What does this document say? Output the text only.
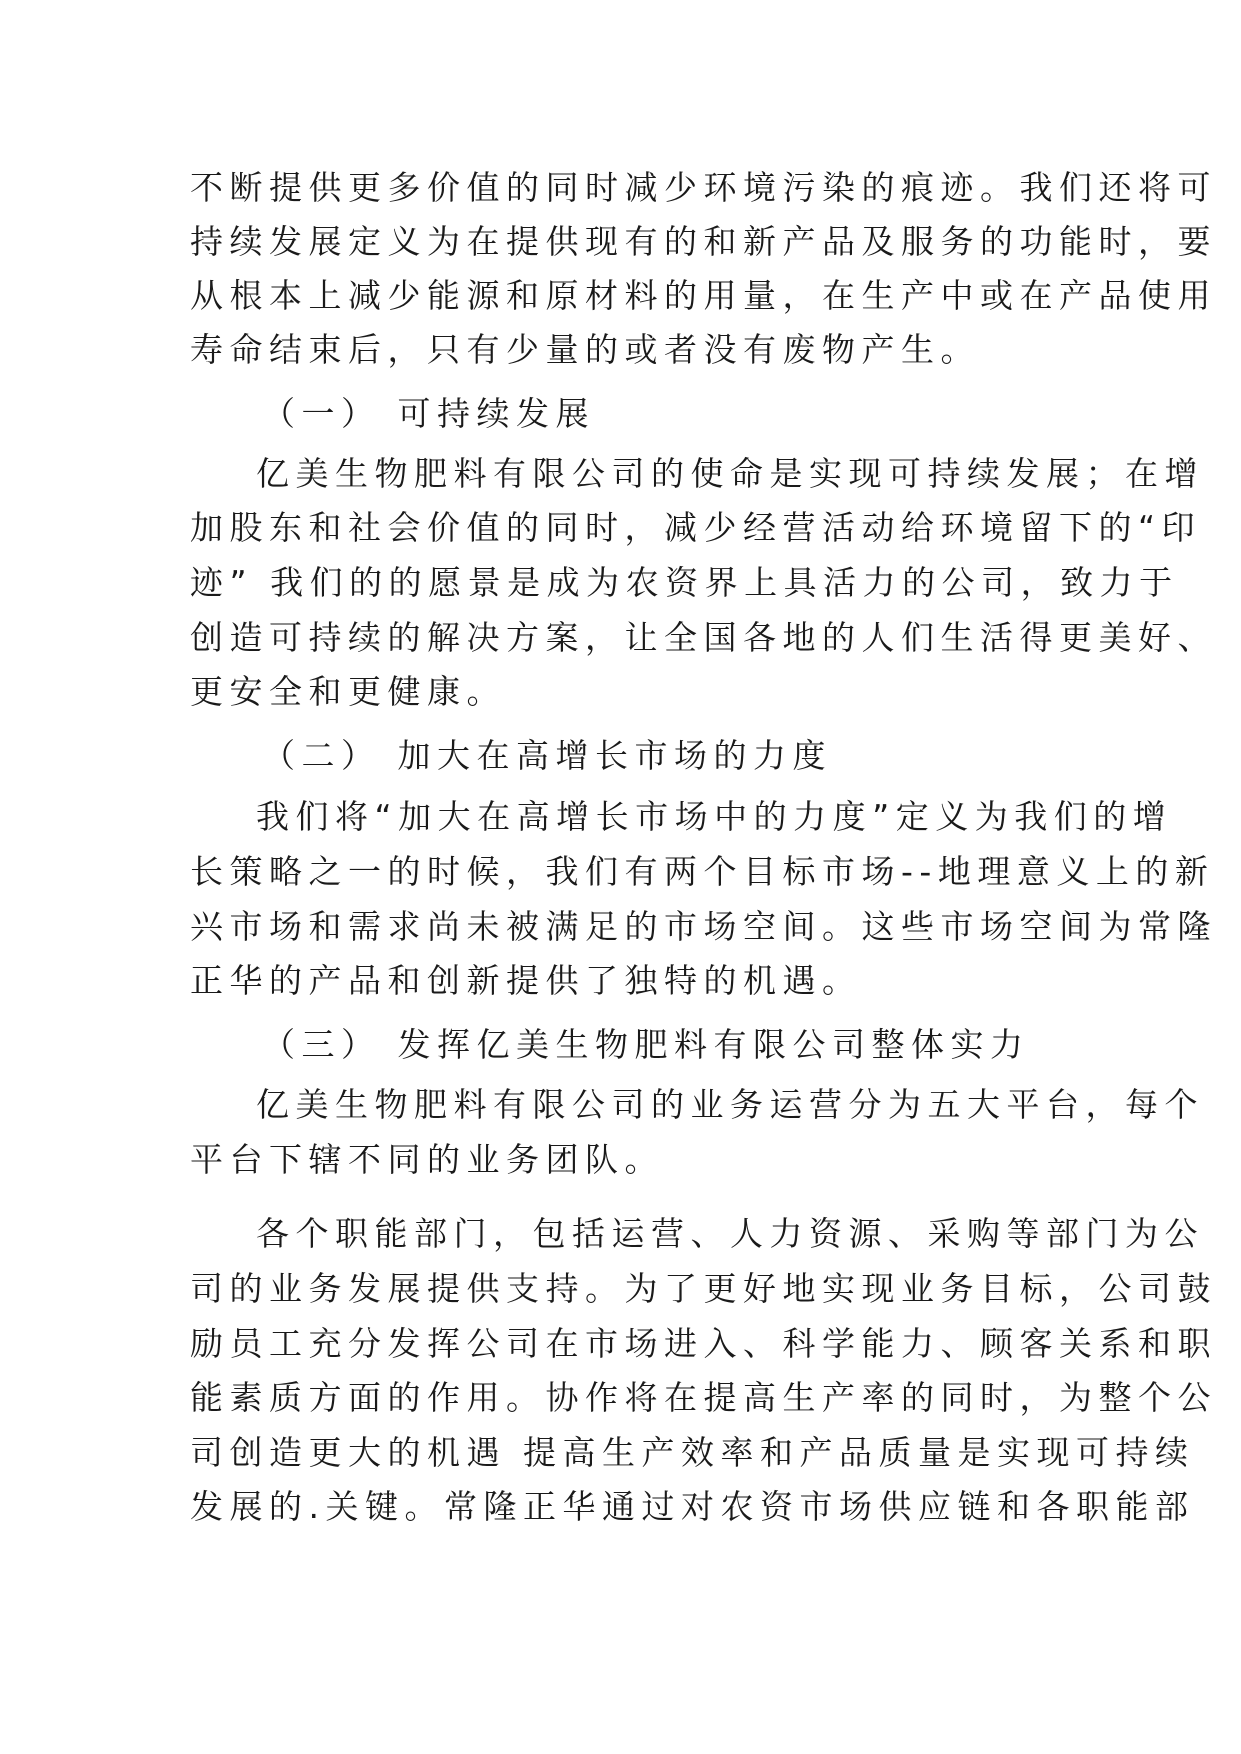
不断提供更多价值的同时减少环境污染的痕迹。我们还将可
持续发展定义为在提供现有的和新产品及服务的功能时，要
从根本上减少能源和原材料的用量，在生产中或在产品使用
寿命结束后，只有少量的或者没有废物产生。
（一） 可持续发展
亿美生物肥料有限公司的使命是实现可持续发展；在增
加股东和社会价值的同时，减少经营活动给环境留下的“印
迹” 我们的的愿景是成为农资界上具活力的公司，致力于
创造可持续的解决方案，让全国各地的人们生活得更美好、
更安全和更健康。
（二） 加大在高增长市场的力度
我们将“加大在高增长市场中的力度”定义为我们的增
长策略之一的时候，我们有两个目标市场--地理意义上的新
兴市场和需求尚未被满足的市场空间。这些市场空间为常隆
正华的产品和创新提供了独特的机遇。
（三） 发挥亿美生物肥料有限公司整体实力
亿美生物肥料有限公司的业务运营分为五大平台，每个
平台下辖不同的业务团队。
各个职能部门，包括运营、人力资源、采购等部门为公
司的业务发展提供支持。为了更好地实现业务目标，公司鼓
励员工充分发挥公司在市场进入、科学能力、顾客关系和职
能素质方面的作用。协作将在提高生产率的同时，为整个公
司创造更大的机遇 提高生产效率和产品质量是实现可持续
发展的.关键。常隆正华通过对农资市场供应链和各职能部
